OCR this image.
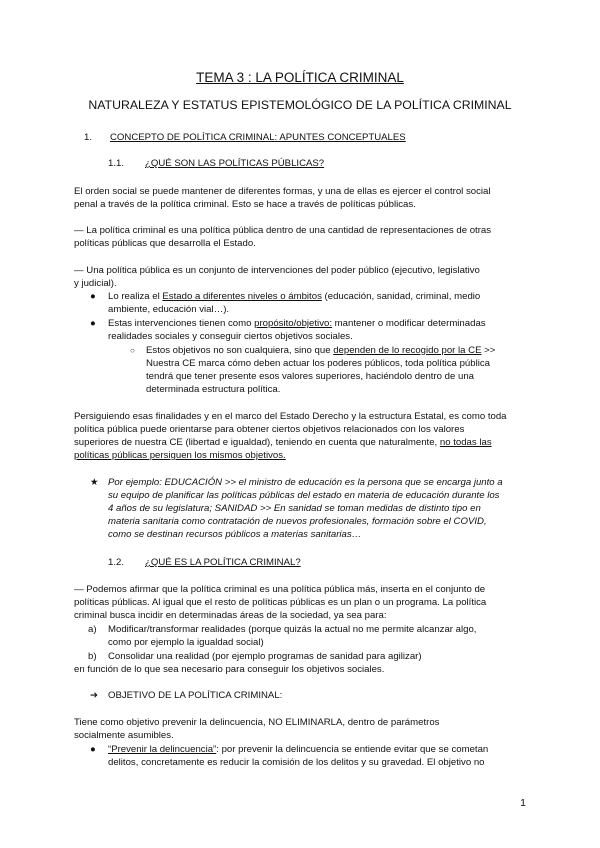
TEMA 3 : LA POLÍTICA CRIMINAL
NATURALEZA Y ESTATUS EPISTEMOLÓGICO DE LA POLÍTICA CRIMINAL
1. CONCEPTO DE POLÍTICA CRIMINAL: APUNTES CONCEPTUALES
1.1. ¿QUÉ SON LAS POLÍTICAS PÚBLICAS?
El orden social se puede mantener de diferentes formas, y una de ellas es ejercer el control social
penal a través de la política criminal. Esto se hace a través de políticas públicas.
— La política criminal es una política pública dentro de una cantidad de representaciones de otras
políticas públicas que desarrolla el Estado.
— Una política pública es un conjunto de intervenciones del poder público (ejecutivo, legislativo
y judicial).
● Lo realiza el Estado a diferentes niveles o ámbitos (educación, sanidad, criminal, medio
ambiente, educación vial…).
● Estas intervenciones tienen como propósito/objetivo: mantener o modificar determinadas
realidades sociales y conseguir ciertos objetivos sociales.
○ Estos objetivos no son cualquiera, sino que dependen de lo recogido por la CE >>
Nuestra CE marca cómo deben actuar los poderes públicos, toda política pública
tendrá que tener presente esos valores superiores, haciéndolo dentro de una
determinada estructura política.
Persiguiendo esas finalidades y en el marco del Estado Derecho y la estructura Estatal, es como toda
política pública puede orientarse para obtener ciertos objetivos relacionados con los valores
superiores de nuestra CE (libertad e igualdad), teniendo en cuenta que naturalmente, no todas las
políticas públicas persiguen los mismos objetivos.
★ Por ejemplo: EDUCACIÓN >> el ministro de educación es la persona que se encarga junto a
su equipo de planificar las políticas públicas del estado en materia de educación durante los
4 años de su legislatura; SANIDAD >> En sanidad se toman medidas de distinto tipo en
materia sanitaria como contratación de nuevos profesionales, formación sobre el COVID,
como se destinan recursos públicos a materias sanitarias…
1.2. ¿QUÉ ES LA POLÍTICA CRIMINAL?
— Podemos afirmar que la política criminal es una política pública más, inserta en el conjunto de
políticas públicas. Al igual que el resto de políticas públicas es un plan o un programa. La política
criminal busca incidir en determinadas áreas de la sociedad, ya sea para:
a) Modificar/transformar realidades (porque quizás la actual no me permite alcanzar algo,
como por ejemplo la igualdad social)
b) Consolidar una realidad (por ejemplo programas de sanidad para agilizar)
en función de lo que sea necesario para conseguir los objetivos sociales.
➔ OBJETIVO DE LA POLÍTICA CRIMINAL:
Tiene como objetivo prevenir la delincuencia, NO ELIMINARLA, dentro de parámetros
socialmente asumibles.
● “Prevenir la delincuencia”: por prevenir la delincuencia se entiende evitar que se cometan
delitos, concretamente es reducir la comisión de los delitos y su gravedad. El objetivo no
1
